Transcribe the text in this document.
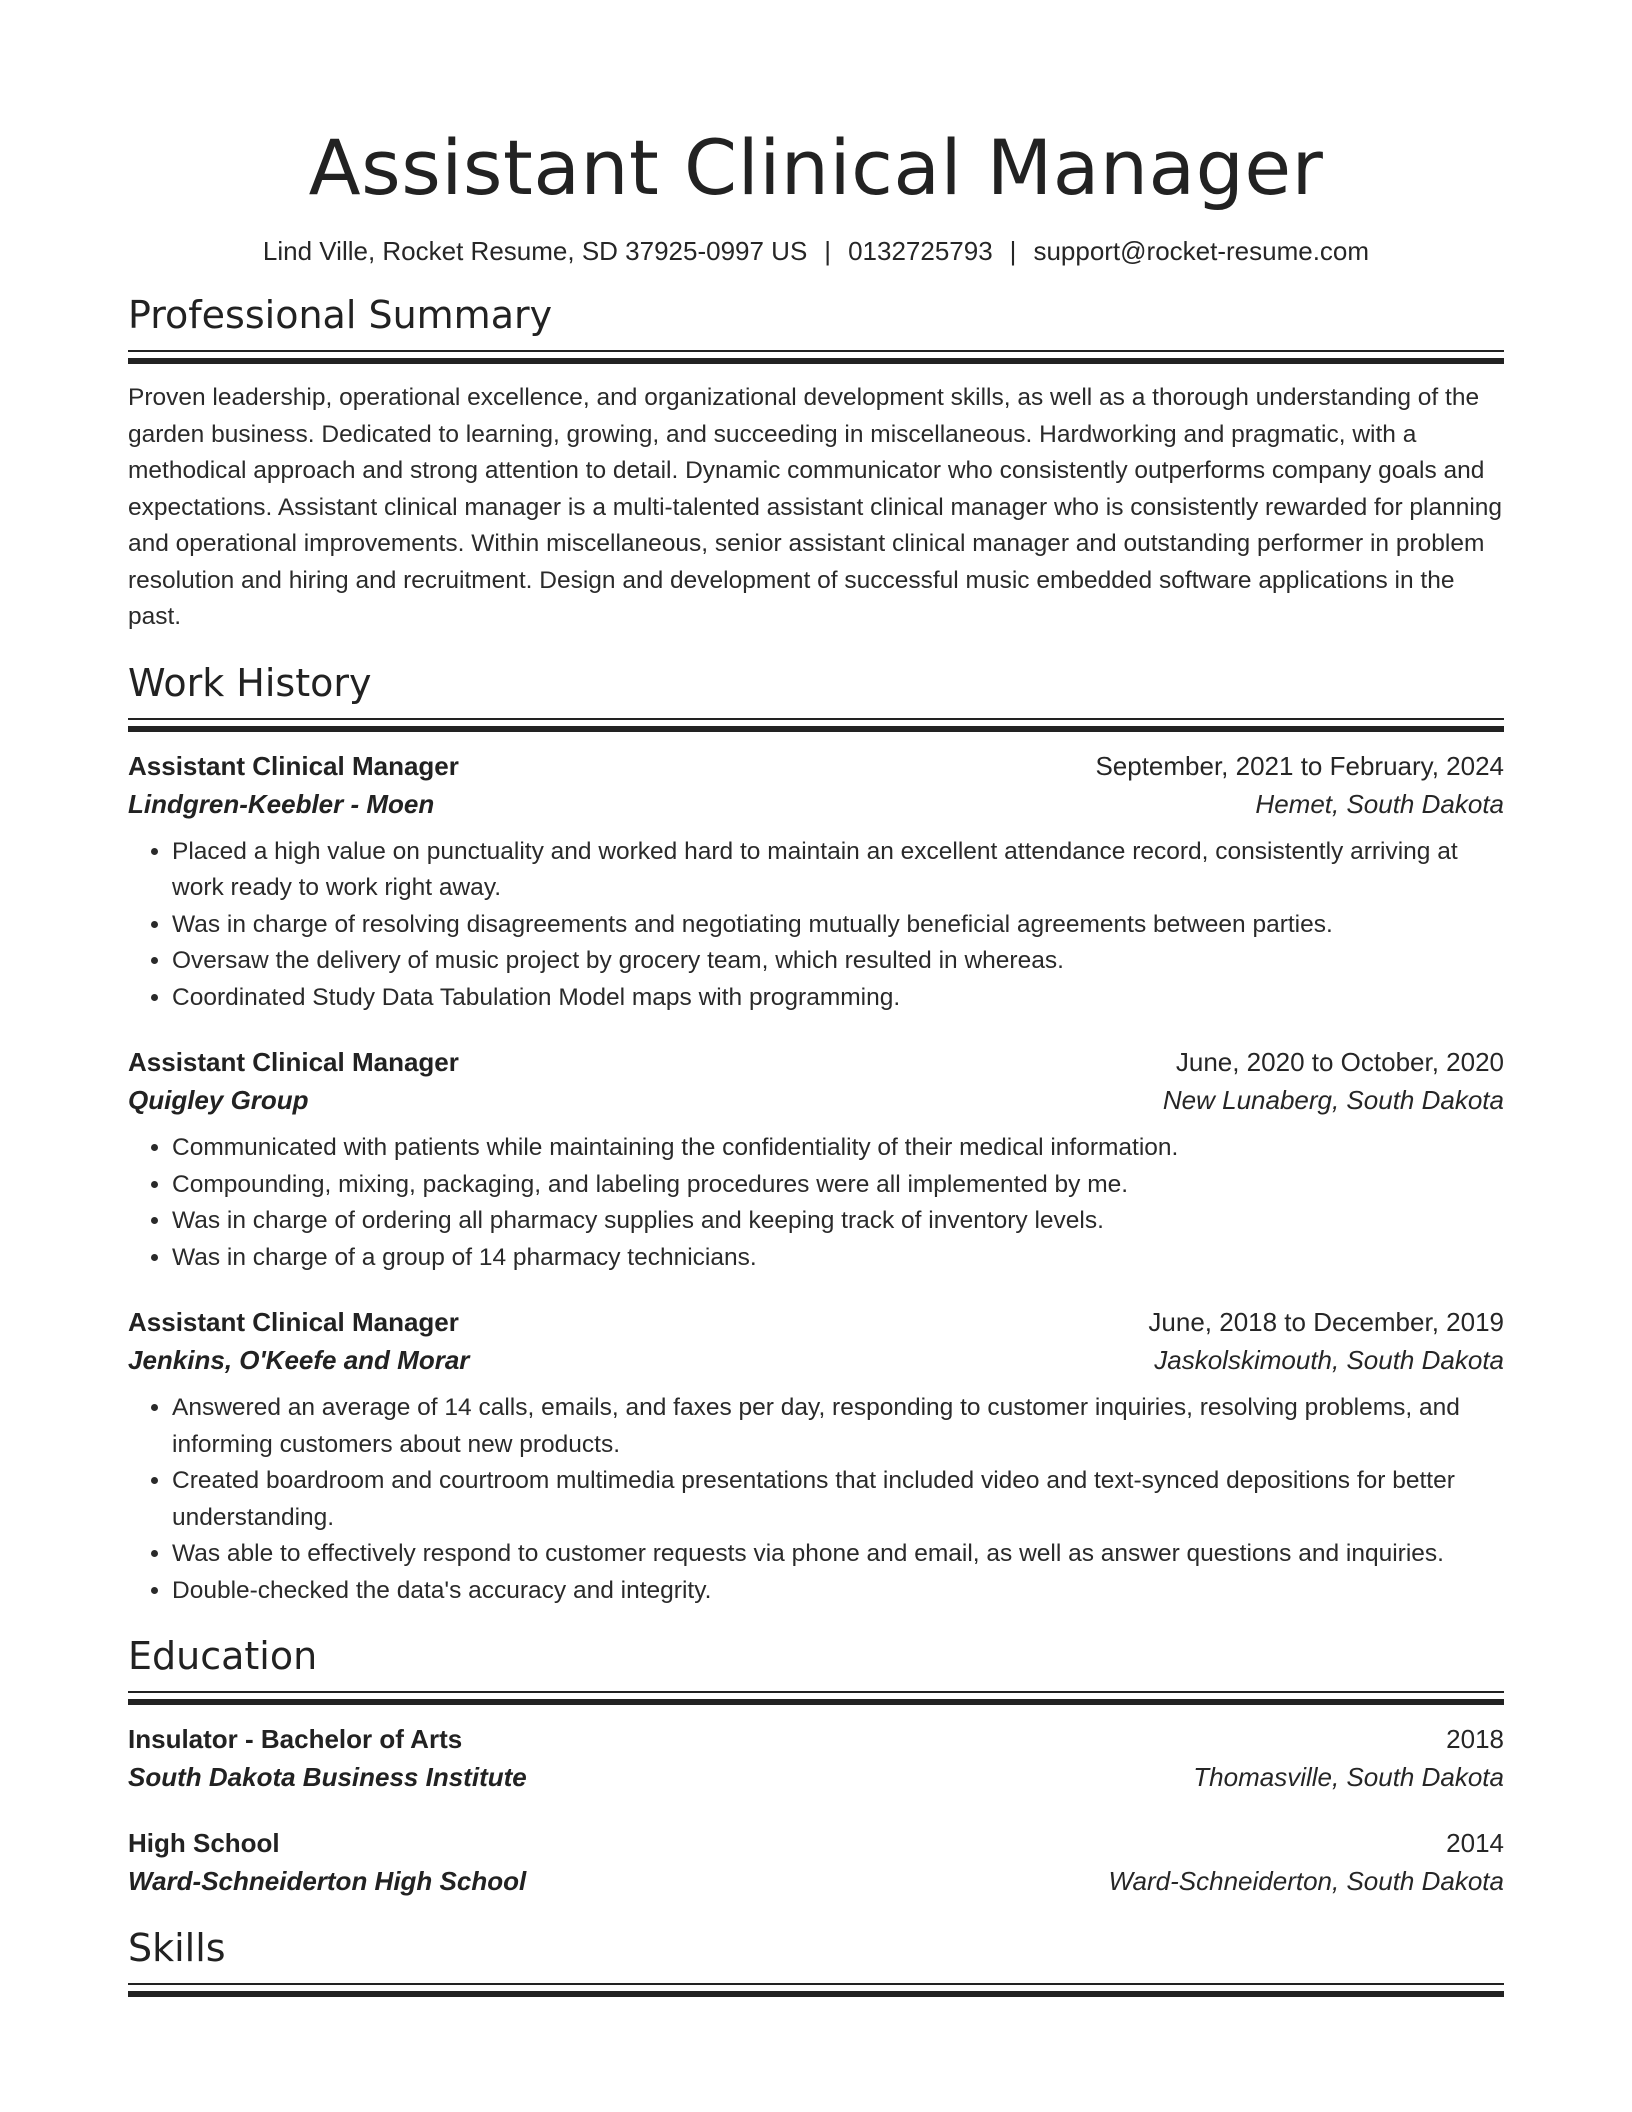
Assistant Clinical Manager
Lind Ville, Rocket Resume, SD 37925-0997 US | 0132725793 | support@rocket-resume.com
Professional Summary

Proven leadership, operational excellence, and organizational development skills, as well as a thorough understanding of the garden business. Dedicated to learning, growing, and succeeding in miscellaneous. Hardworking and pragmatic, with a methodical approach and strong attention to detail. Dynamic communicator who consistently outperforms company goals and expectations. Assistant clinical manager is a multi-talented assistant clinical manager who is consistently rewarded for planning and operational improvements. Within miscellaneous, senior assistant clinical manager and outstanding performer in problem resolution and hiring and recruitment. Design and development of successful music embedded software applications in the past.

Work History
Assistant Clinical Manager	September, 2021 to February, 2024
Lindgren-Keebler - Moen	Hemet, South Dakota
• Placed a high value on punctuality and worked hard to maintain an excellent attendance record, consistently arriving at work ready to work right away.
• Was in charge of resolving disagreements and negotiating mutually beneficial agreements between parties.
• Oversaw the delivery of music project by grocery team, which resulted in whereas.
• Coordinated Study Data Tabulation Model maps with programming.
Assistant Clinical Manager	June, 2020 to October, 2020
Quigley Group	New Lunaberg, South Dakota
• Communicated with patients while maintaining the confidentiality of their medical information.
• Compounding, mixing, packaging, and labeling procedures were all implemented by me.
• Was in charge of ordering all pharmacy supplies and keeping track of inventory levels.
• Was in charge of a group of 14 pharmacy technicians.
Assistant Clinical Manager	June, 2018 to December, 2019
Jenkins, O'Keefe and Morar	Jaskolskimouth, South Dakota
• Answered an average of 14 calls, emails, and faxes per day, responding to customer inquiries, resolving problems, and informing customers about new products.
• Created boardroom and courtroom multimedia presentations that included video and text-synced depositions for better understanding.
• Was able to effectively respond to customer requests via phone and email, as well as answer questions and inquiries.
• Double-checked the data's accuracy and integrity.
Education
Insulator - Bachelor of Arts	2018
South Dakota Business Institute	Thomasville, South Dakota
High School	2014
Ward-Schneiderton High School	Ward-Schneiderton, South Dakota
Skills
